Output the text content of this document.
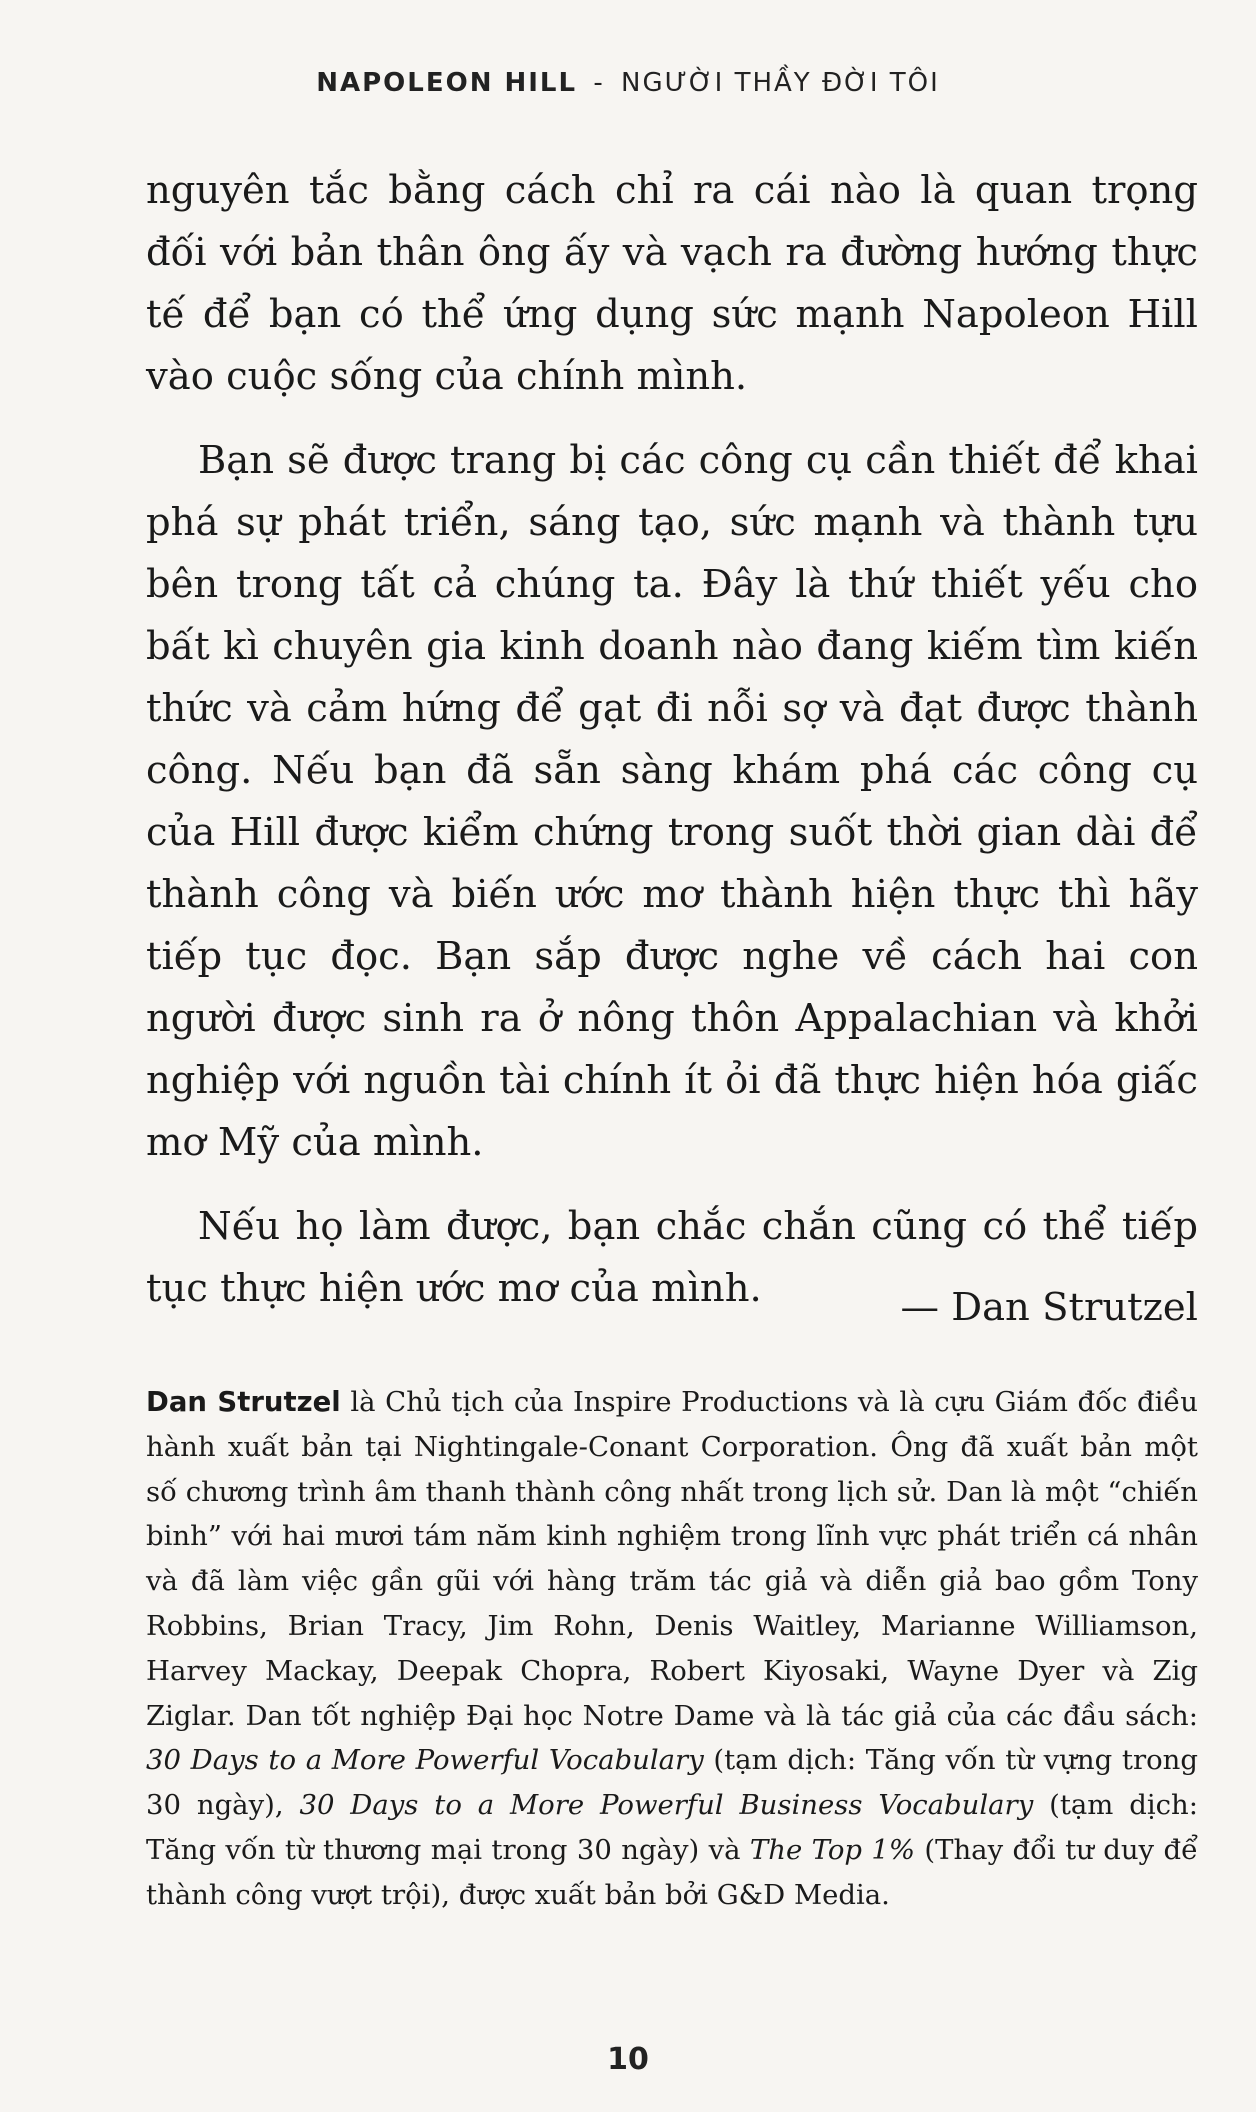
NAPOLEON HILL - NGƯỜI THẦY ĐỜI TÔI

nguyên tắc bằng cách chỉ ra cái nào là quan trọng đối với bản thân ông ấy và vạch ra đường hướng thực tế để bạn có thể ứng dụng sức mạnh Napoleon Hill vào cuộc sống của chính mình.

Bạn sẽ được trang bị các công cụ cần thiết để khai phá sự phát triển, sáng tạo, sức mạnh và thành tựu bên trong tất cả chúng ta. Đây là thứ thiết yếu cho bất kì chuyên gia kinh doanh nào đang kiếm tìm kiến thức và cảm hứng để gạt đi nỗi sợ và đạt được thành công. Nếu bạn đã sẵn sàng khám phá các công cụ của Hill được kiểm chứng trong suốt thời gian dài để thành công và biến ước mơ thành hiện thực thì hãy tiếp tục đọc. Bạn sắp được nghe về cách hai con người được sinh ra ở nông thôn Appalachian và khởi nghiệp với nguồn tài chính ít ỏi đã thực hiện hóa giấc mơ Mỹ của mình.

Nếu họ làm được, bạn chắc chắn cũng có thể tiếp tục thực hiện ước mơ của mình.	— Dan Strutzel

Dan Strutzel là Chủ tịch của Inspire Productions và là cựu Giám đốc điều hành xuất bản tại Nightingale-Conant Corporation. Ông đã xuất bản một số chương trình âm thanh thành công nhất trong lịch sử. Dan là một “chiến binh” với hai mươi tám năm kinh nghiệm trong lĩnh vực phát triển cá nhân và đã làm việc gần gũi với hàng trăm tác giả và diễn giả bao gồm Tony Robbins, Brian Tracy, Jim Rohn, Denis Waitley, Marianne Williamson, Harvey Mackay, Deepak Chopra, Robert Kiyosaki, Wayne Dyer và Zig Ziglar. Dan tốt nghiệp Đại học Notre Dame và là tác giả của các đầu sách: 30 Days to a More Powerful Vocabulary (tạm dịch: Tăng vốn từ vựng trong 30 ngày), 30 Days to a More Powerful Business Vocabulary (tạm dịch: Tăng vốn từ thương mại trong 30 ngày) và The Top 1% (Thay đổi tư duy để thành công vượt trội), được xuất bản bởi G&D Media.

10
